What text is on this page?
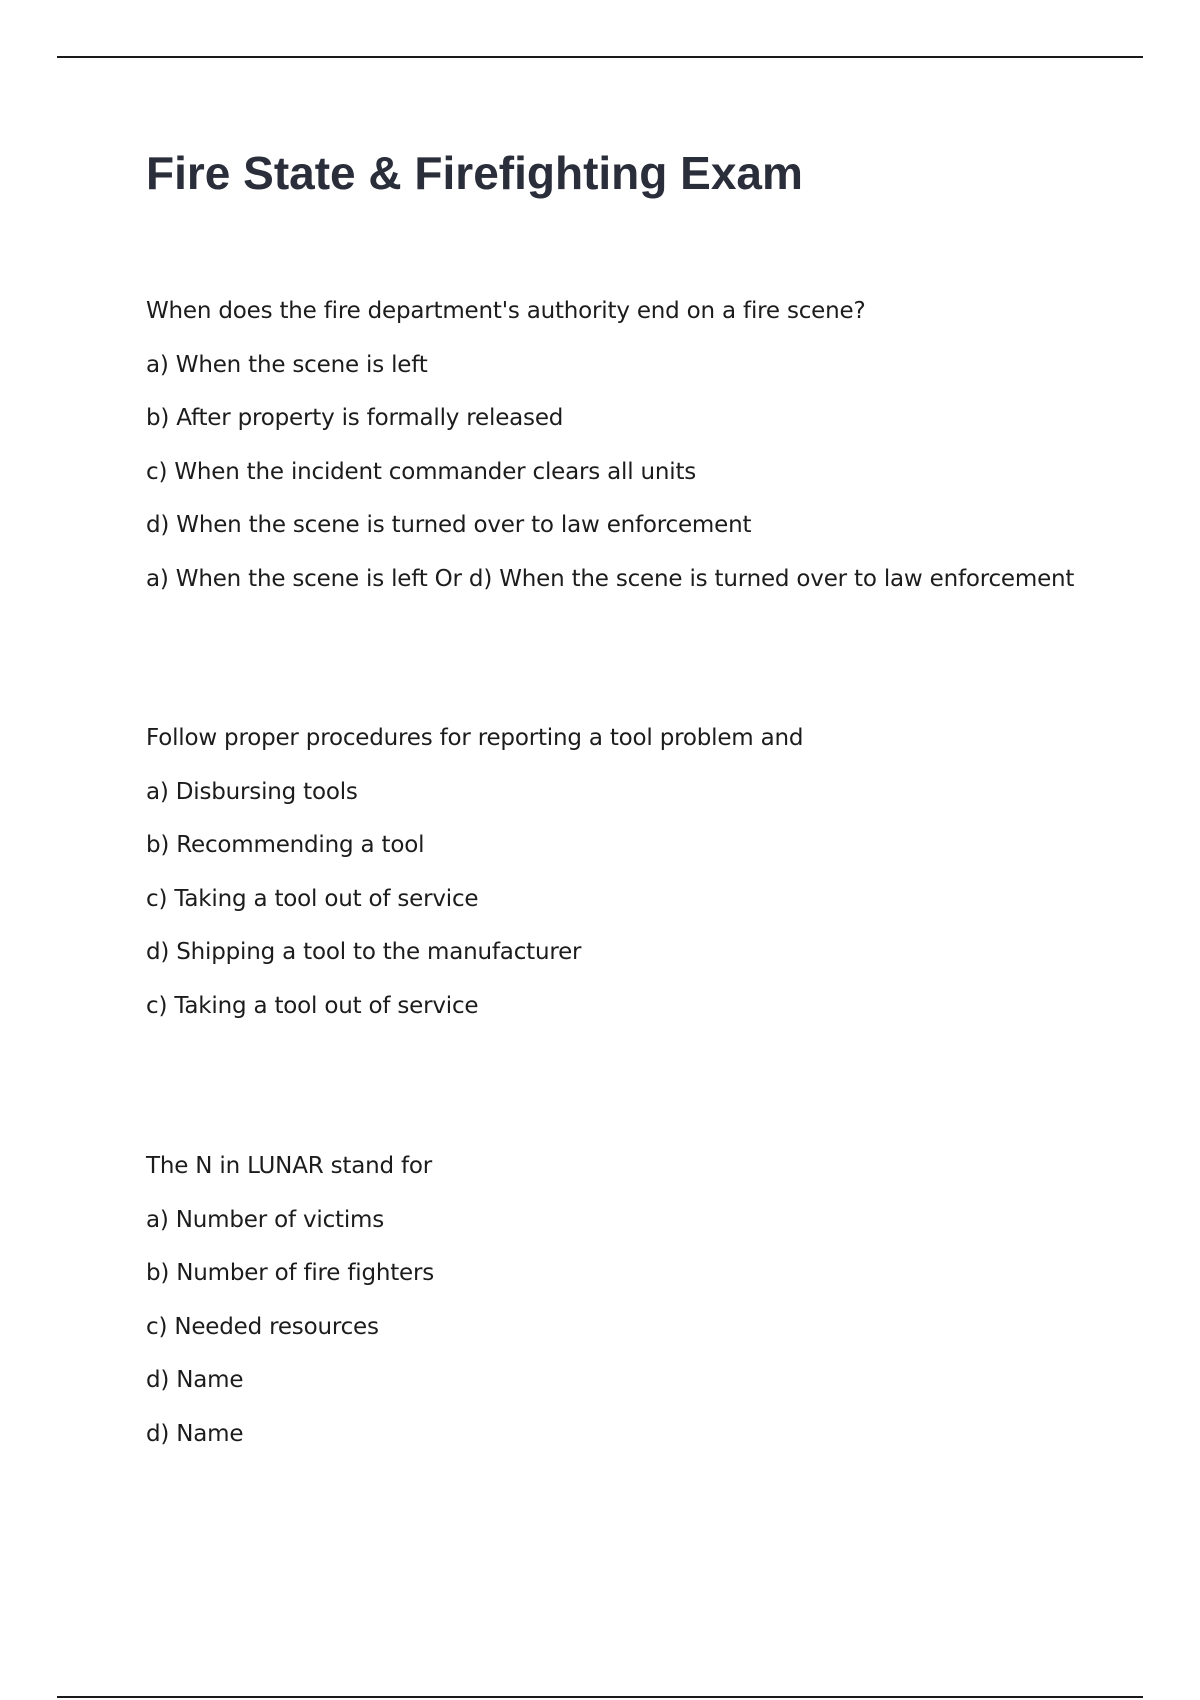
Fire State & Firefighting Exam

When does the fire department's authority end on a fire scene?

a) When the scene is left

b) After property is formally released

c) When the incident commander clears all units

d) When the scene is turned over to law enforcement

a) When the scene is left Or d) When the scene is turned over to law enforcement

Follow proper procedures for reporting a tool problem and

a) Disbursing tools

b) Recommending a tool

c) Taking a tool out of service

d) Shipping a tool to the manufacturer

c) Taking a tool out of service

The N in LUNAR stand for

a) Number of victims

b) Number of fire fighters

c) Needed resources

d) Name

d) Name
